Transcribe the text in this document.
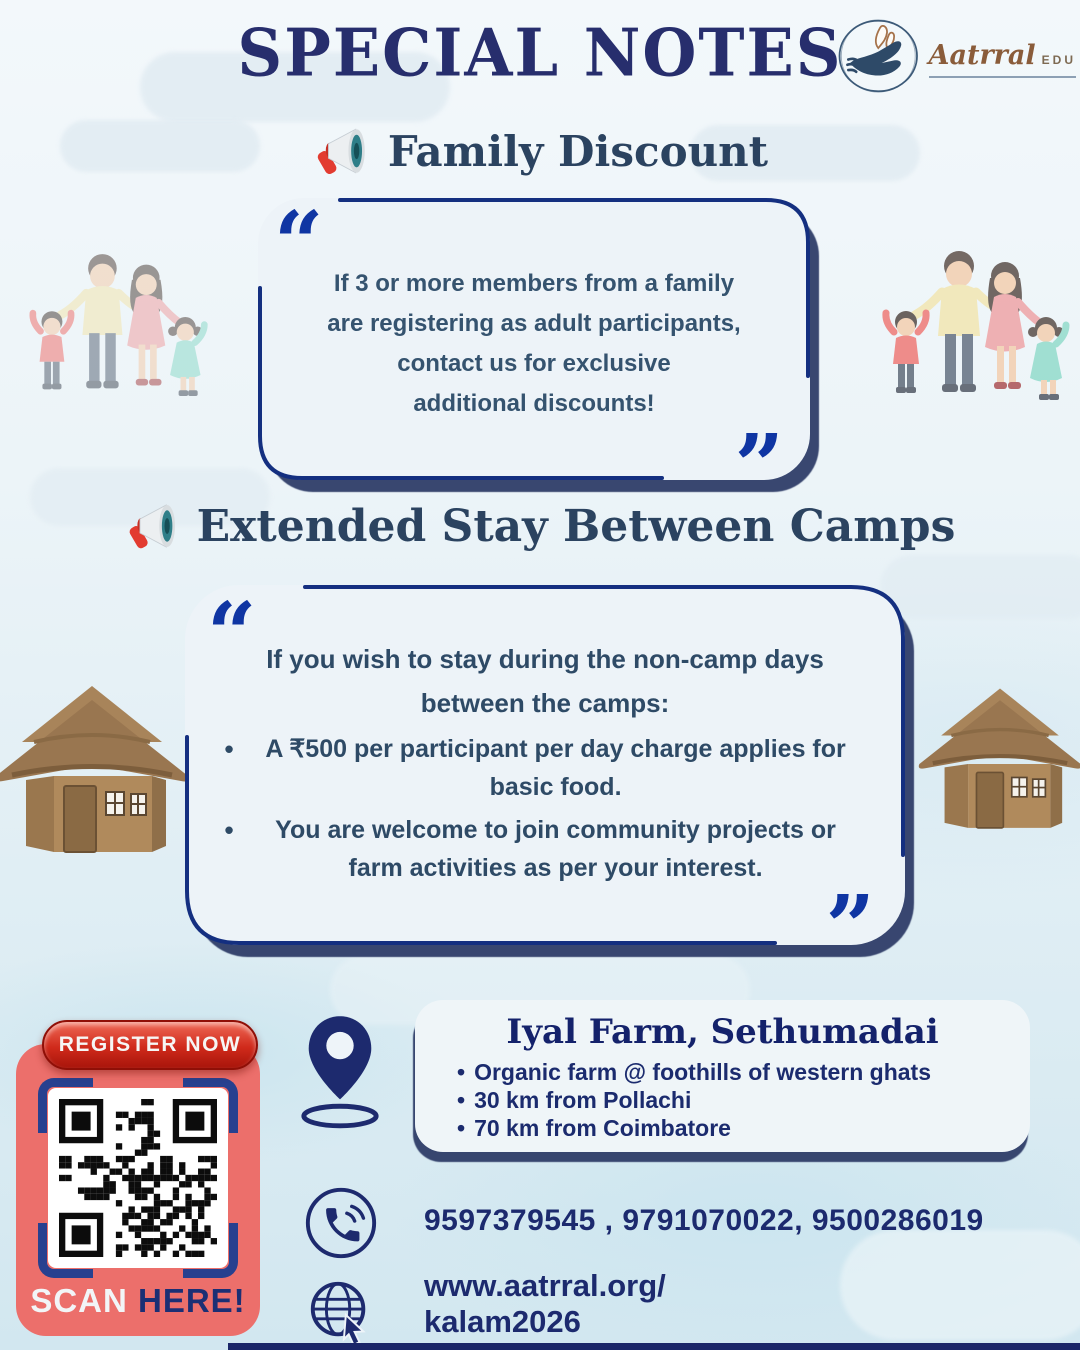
SPECIAL NOTES	Aatrral EDU
Family Discount
“
”
If 3 or more members from a family
are registering as adult participants,
contact us for exclusive
additional discounts!
Extended Stay Between Camps
“
”
If you wish to stay during the non-camp days
between the camps:
•	A ₹500 per participant per day charge applies for basic food.
•	You are welcome to join community projects or farm activities as per your interest.
SCAN HERE!
REGISTER NOW	Iyal Farm, Sethumadai
• Organic farm @ foothills of western ghats
• 30 km from Pollachi
• 70 km from Coimbatore
9597379545 , 9791070022, 9500286019
www.aatrral.org/
kalam2026
